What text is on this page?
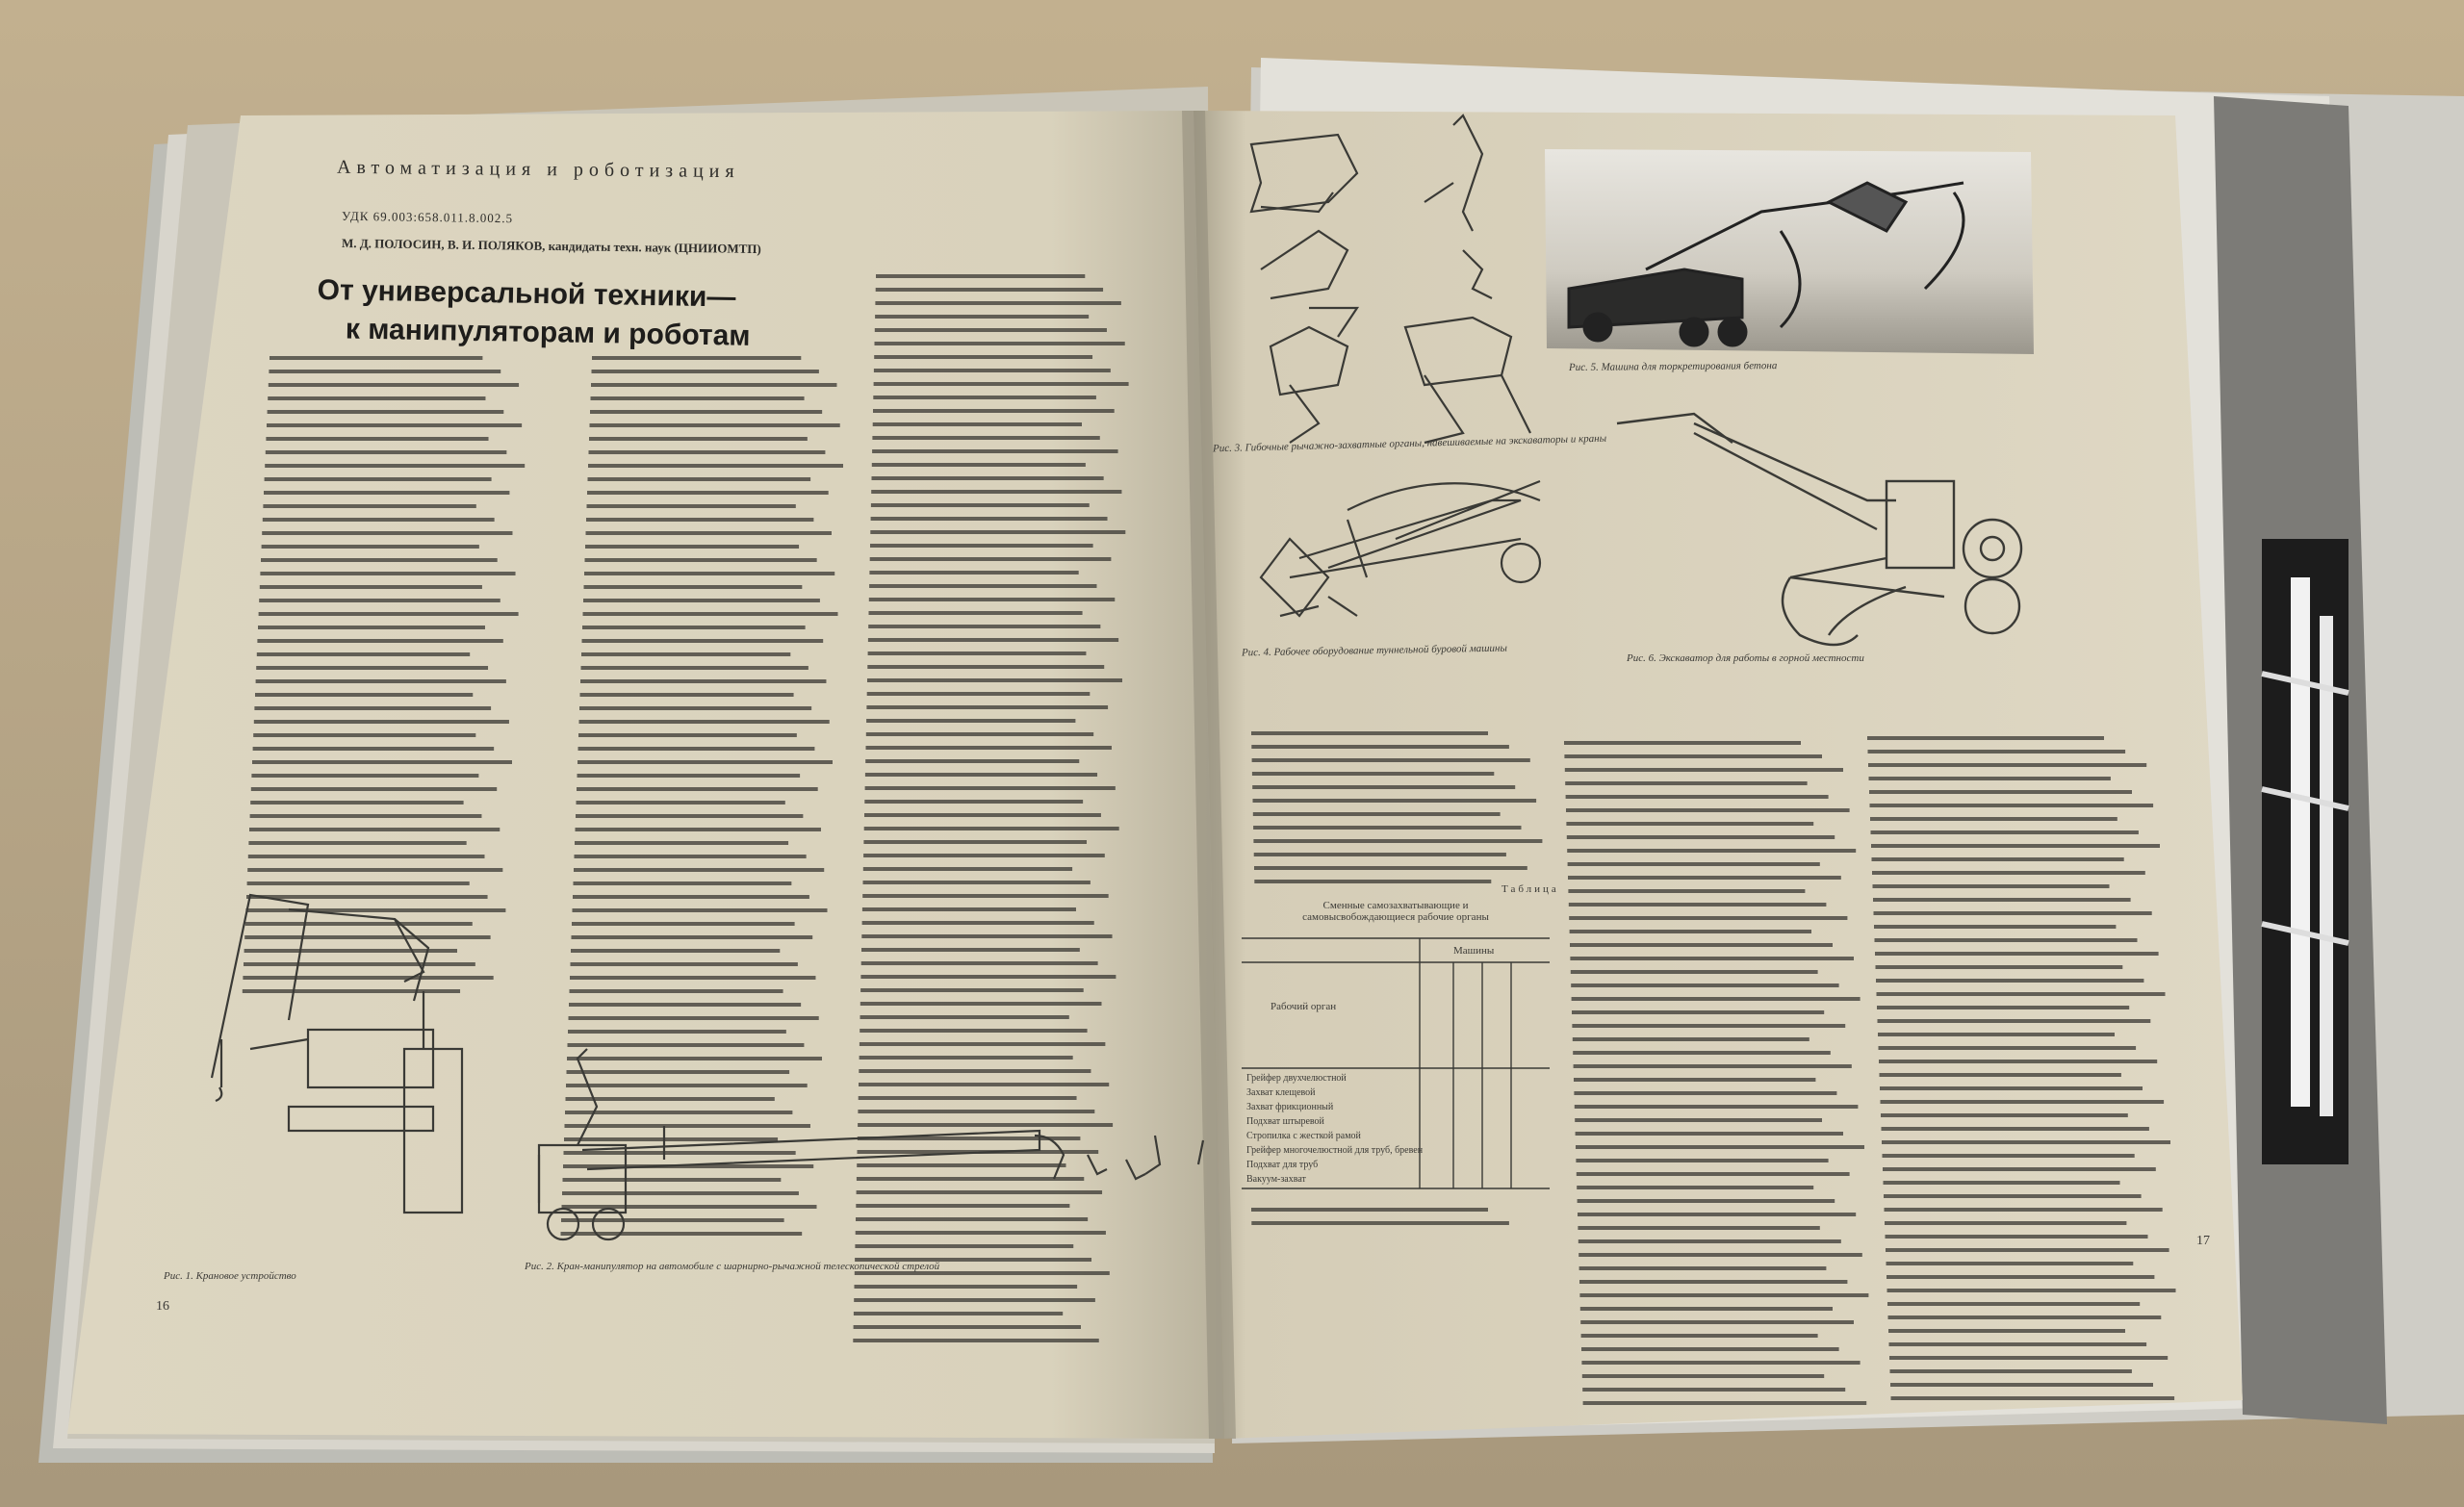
Автоматизация и роботизация
УДК 69.003:658.011.8.002.5
М. Д. ПОЛОСИН, В. И. ПОЛЯКОВ, кандидаты техн. наук (ЦНИИОМТП)
От универсальной техники—
к манипуляторам и роботам
Рис. 1. Крановое устройство
Рис. 2. Кран-манипулятор на автомобиле с шарнирно-рычажной телескопической стрелой
16
Рис. 3. Гибочные рычажно-захватные органы, навешиваемые на экскаваторы и краны
Рис. 4. Рабочее оборудование туннельной буровой машины
Рис. 5. Машина для торкретирования бетона
Рис. 6. Экскаватор для работы в горной местности
Таблица
Сменные самозахватывающие и самовысвобождающиеся рабочие органы
Машины
Рабочий орган
Грейфер двухчелюстной
Захват клещевой
Захват фрикционный
Подхват штыревой
Стропилка с жесткой рамой
Грейфер многочелюстной для труб, бревен
Подхват для труб
Вакуум-захват
17
